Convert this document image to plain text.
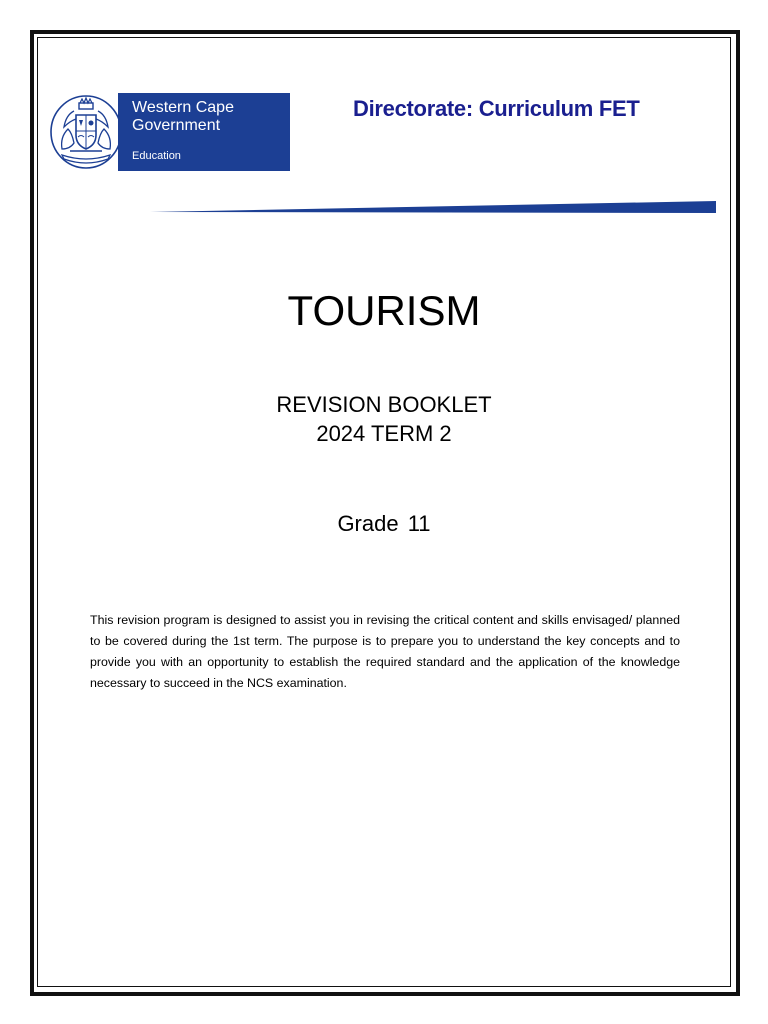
Western Cape
Government
Education
Directorate: Curriculum FET
TOURISM
REVISION BOOKLET
2024 TERM 2
Grade 11
This revision program is designed to assist you in revising the critical content and skills envisaged/ planned to be covered during the 1st term. The purpose is to prepare you to understand the key concepts and to provide you with an opportunity to establish the required standard and the application of the knowledge necessary to succeed in the NCS examination.
